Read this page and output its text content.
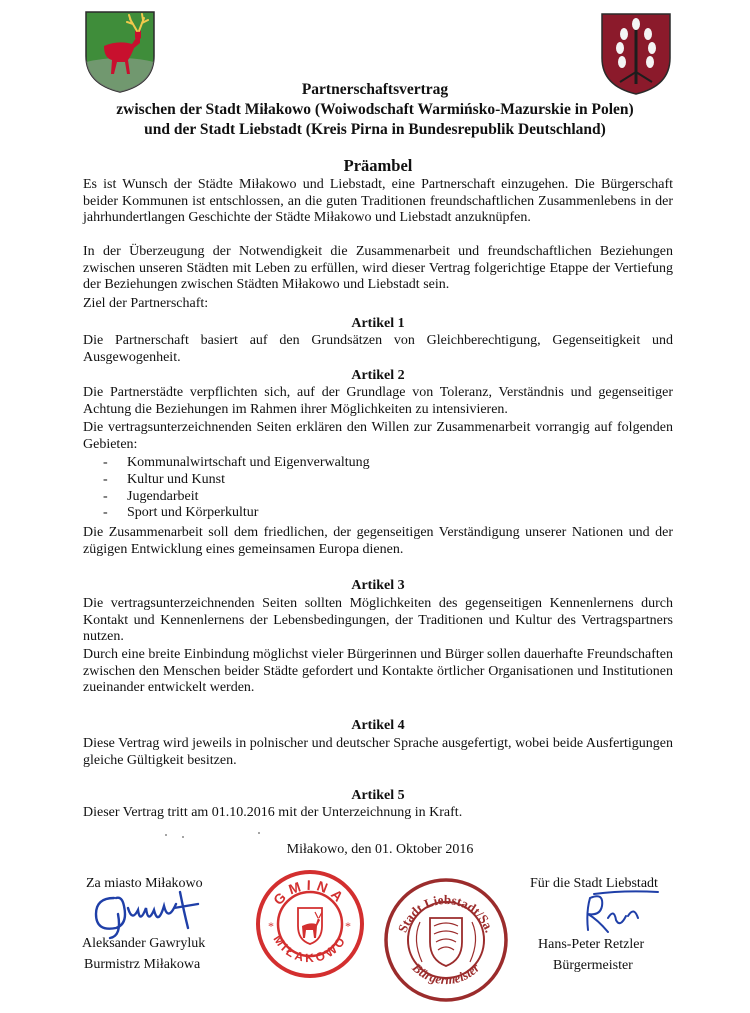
Partnerschaftsvertrag
zwischen der Stadt Miłakowo (Woiwodschaft Warmińsko-Mazurskie in Polen)
und der Stadt Liebstadt (Kreis Pirna in Bundesrepublik Deutschland)
Präambel
Es ist Wunsch der Städte Miłakowo und Liebstadt, eine Partnerschaft einzugehen. Die Bürgerschaft beider Kommunen ist entschlossen, an die guten Traditionen freundschaftlichen Zusammenlebens in der jahrhundertlangen Geschichte der Städte Miłakowo und Liebstadt anzuknüpfen.
In der Überzeugung der Notwendigkeit die Zusammenarbeit und freundschaftlichen Beziehungen zwischen unseren Städten mit Leben zu erfüllen, wird dieser Vertrag folgerichtige Etappe der Vertiefung der Beziehungen zwischen Städten Miłakowo und Liebstadt sein.
Ziel der Partnerschaft:
Artikel 1
Die Partnerschaft basiert auf den Grundsätzen von Gleichberechtigung, Gegenseitigkeit und Ausgewogenheit.
Artikel 2
Die Partnerstädte verpflichten sich, auf der Grundlage von Toleranz, Verständnis und gegenseitiger Achtung die Beziehungen im Rahmen ihrer Möglichkeiten zu intensivieren.
Die vertragsunterzeichnenden Seiten erklären den Willen zur Zusammenarbeit vorrangig auf folgenden Gebieten:
- Kommunalwirtschaft und Eigenverwaltung
- Kultur und Kunst
- Jugendarbeit
- Sport und Körperkultur
Die Zusammenarbeit soll dem friedlichen, der gegenseitigen Verständigung unserer Nationen und der zügigen Entwicklung eines gemeinsamen Europa dienen.
Artikel 3
Die vertragsunterzeichnenden Seiten sollten Möglichkeiten des gegenseitigen Kennenlernens durch Kontakt und Kennenlernens der Lebensbedingungen, der Traditionen und Kultur des Vertragspartners nutzen.
Durch eine breite Einbindung möglichst vieler Bürgerinnen und Bürger sollen dauerhafte Freundschaften zwischen den Menschen beider Städte gefordert und Kontakte örtlicher Organisationen und Institutionen zueinander entwickelt werden.
Artikel 4
Diese Vertrag wird jeweils in polnischer und deutscher Sprache ausgefertigt, wobei beide Ausfertigungen gleiche Gültigkeit besitzen.
Artikel 5
Dieser Vertrag tritt am 01.10.2016 mit der Unterzeichnung in Kraft.
Miłakowo, den 01. Oktober 2016
Za miasto Miłakowo
Aleksander Gawryluk
Burmistrz Miłakowa
GMINA
MIŁAKOWO
*	*	Stadt Liebstadt/Sa.
Bürgermeister
Für die Stadt Liebstadt
Hans-Peter Retzler
Bürgermeister
